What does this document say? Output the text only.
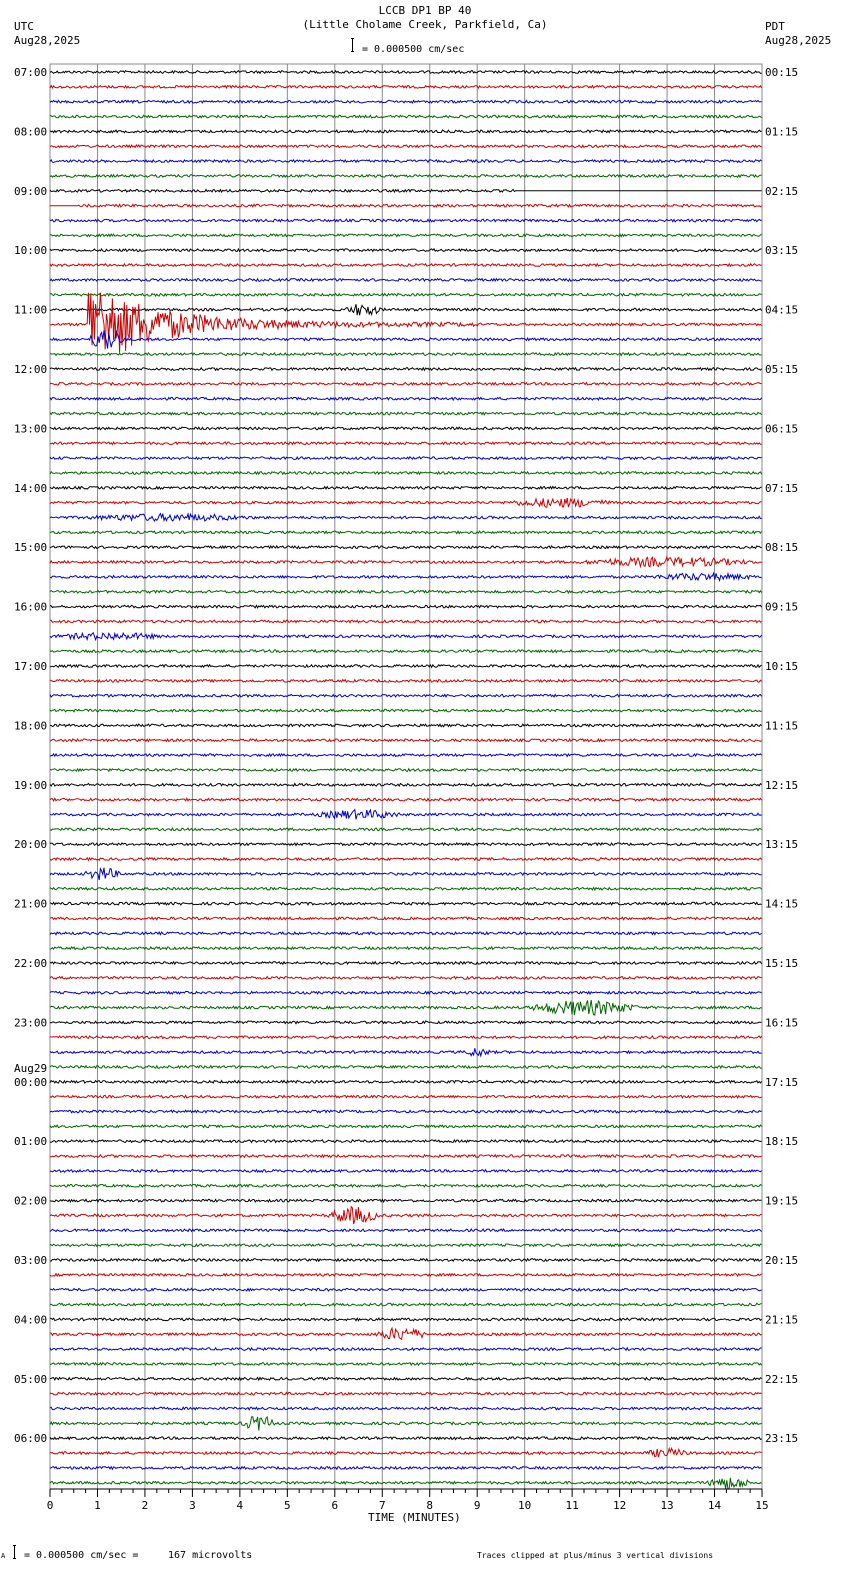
LCCB DP1 BP 40
(Little Cholame Creek, Parkfield, Ca)
= 0.000500 cm/sec
UTC
Aug28,2025
PDT
Aug28,2025
0	1	2	3	4	5	6	7	8	9	10	11	12	13	14	15
07:00
08:00
09:00
10:00
11:00
12:00
13:00
14:00
15:00
16:00
17:00
18:00
19:00
20:00
21:00
22:00
23:00
Aug29
00:00
01:00
02:00
03:00
04:00
05:00
06:00
00:15
01:15
02:15
03:15
04:15
05:15
06:15
07:15
08:15
09:15
10:15
11:15
12:15
13:15
14:15
15:15
16:15
17:15
18:15
19:15
20:15
21:15
22:15
23:15
TIME (MINUTES)
A = 0.000500 cm/sec =	167 microvolts	Traces clipped at plus/minus 3 vertical divisions
